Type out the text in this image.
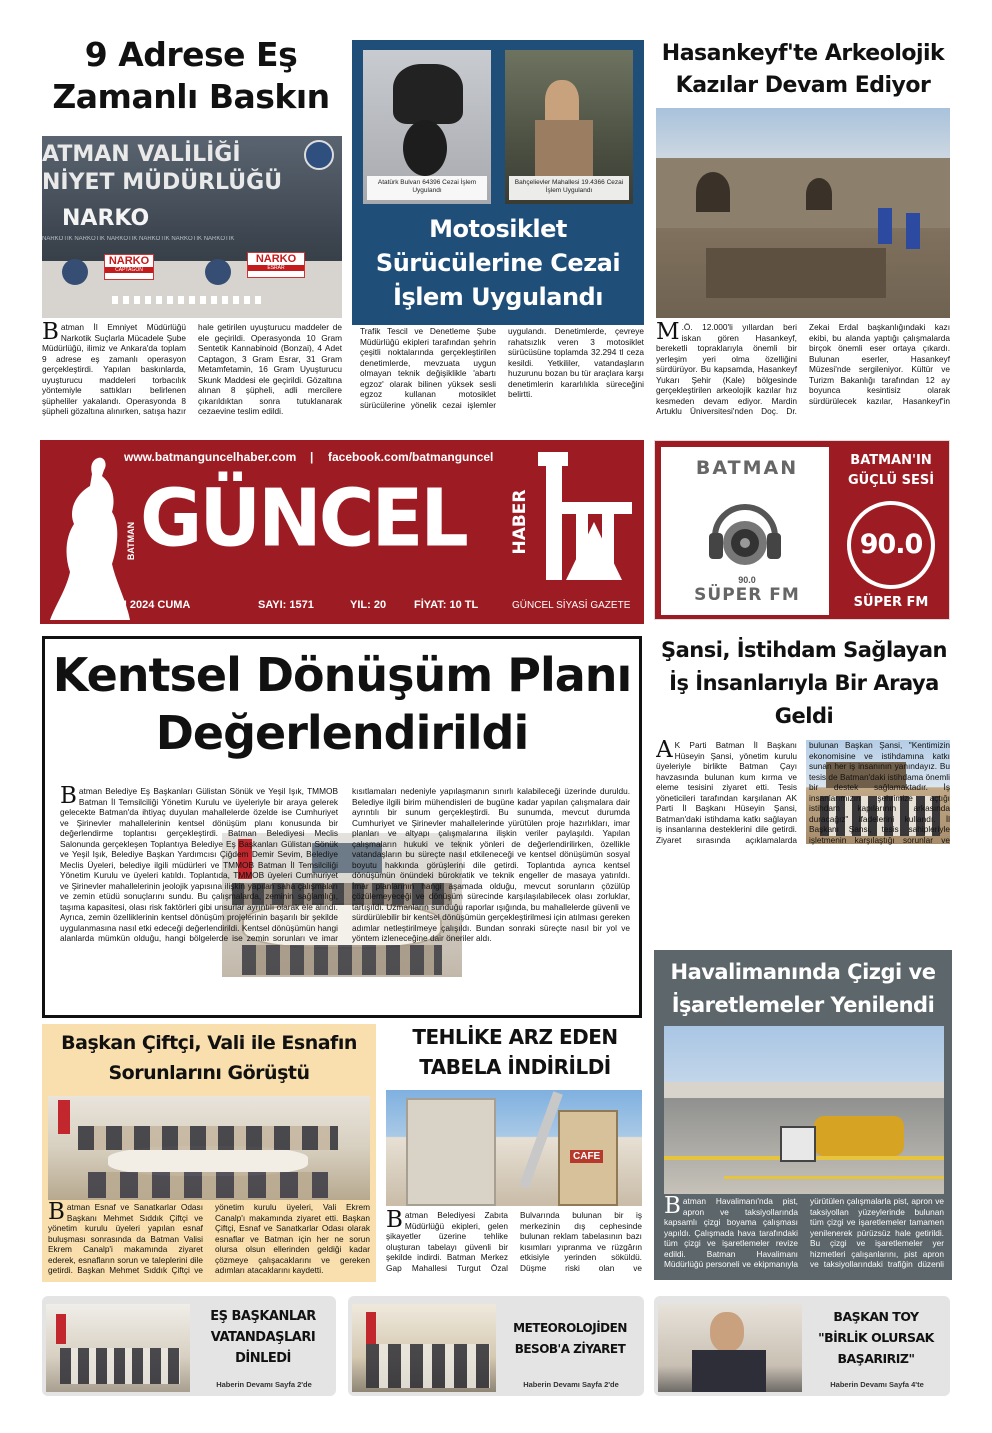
9 Adrese Eş Zamanlı Baskın
ATMAN VALİLİĞİ
NİYET MÜDÜRLÜĞÜ
NARKO
NARKOTİK NARKOTİK NARKOTİK NARKOTİK NARKOTİK NARKOTİK
NARKO
CAPTAGON
NARKO
ESRAR
Batman İl Emniyet Müdürlüğü Narkotik Suçlarla Mücadele Şube Müdürlüğü, ilimiz ve Ankara'da toplam 9 adrese eş zamanlı operasyon gerçekleştirdi. Yapılan baskınlarda, uyuşturucu maddeleri torbacılık yöntemiyle sattıkları belirlenen şüpheliler yakalandı. Operasyonda 8 şüpheli gözaltına alınırken, satışa hazır hale getirilen uyuşturucu maddeler de ele geçirildi. Operasyonda 10 Gram Sentetik Kannabinoid (Bonzai), 4 Adet Captagon, 3 Gram Esrar, 31 Gram Metamfetamin, 16 Gram Uyuşturucu Skunk Maddesi ele geçirildi. Gözaltına alınan 8 şüpheli, adli mercilere çıkarıldıktan sonra tutuklanarak cezaevine teslim edildi.
Atatürk Bulvarı 64396 Cezai İşlem Uygulandı
Bahçelievler Mahallesi 19.4366 Cezai İşlem Uygulandı
Motosiklet Sürücülerine Cezai İşlem Uygulandı
Trafik Tescil ve Denetleme Şube Müdürlüğü ekipleri tarafından şehrin çeşitli noktalarında gerçekleştirilen denetimlerde, mevzuata uygun olmayan teknik değişiklikle 'abartı egzoz' olarak bilinen yüksek sesli egzoz kullanan motosiklet sürücülerine yönelik cezai işlemler uygulandı. Denetimlerde, çevreye rahatsızlık veren 3 motosiklet sürücüsüne toplamda 32.294 tl ceza kesildi. Yetkililer, vatandaşların huzurunu bozan bu tür araçlara karşı denetimlerin kararlılıkla süreceğini belirtti.
Hasankeyf'te Arkeolojik Kazılar Devam Ediyor
M .Ö. 12.000'li yıllardan beri iskan gören Hasankeyf, bereketli topraklarıyla önemli bir yerleşim yeri olma özelliğini sürdürüyor. Bu kapsamda, Hasankeyf Yukarı Şehir (Kale) bölgesinde gerçekleştirilen arkeolojik kazılar hız kesmeden devam ediyor. Mardin Artuklu Üniversitesi'nden Doç. Dr. Zekai Erdal başkanlığındaki kazı ekibi, bu alanda yaptığı çalışmalarda birçok önemli eser ortaya çıkardı. Bulunan eserler, Hasankeyf Müzesi'nde sergileniyor. Kültür ve Turizm Bakanlığı tarafından 12 ay boyunca kesintisiz olarak sürdürülecek kazılar, Hasankeyf'in
www.batmanguncelhaber.com | facebook.com/batmanguncel
BATMAN GÜNCEL	HABER
04 EKİM 2024 CUMA	SAYI: 1571	YIL: 20	FİYAT: 10 TL	GÜNCEL SİYASİ GAZETE
BATMAN
90.0
SÜPER FM
BATMAN'IN GÜÇLÜ SESİ
90.0
SÜPER FM
Kentsel Dönüşüm Planı Değerlendirildi
Batman Belediye Eş Başkanları Gülistan Sönük ve Yeşil Işık, TMMOB Batman İl Temsilciliği Yönetim Kurulu ve üyeleriyle bir araya gelerek gelecekte Batman'da ihtiyaç duyulan mahallelerde özelde ise Cumhuriyet ve Şirinevler mahallelerinin kentsel dönüşüm planı konusunda bir değerlendirme toplantısı gerçekleştirdi. Batman Belediyesi Meclis Salonunda gerçekleşen Toplantıya Belediye Eş Başkanları Gülistan Sönük ve Yeşil Işık, Belediye Başkan Yardımcısı Çiğdem Demir Sevim, Belediye Meclis Üyeleri, belediye ilgili müdürleri ve TMMOB Batman İl Temsilciliği Yönetim Kurulu ve üyeleri katıldı. Toplantıda, TMMOB üyeleri Cumhuriyet ve Şirinevler mahallelerinin jeolojik yapısına ilişkin yapılan saha çalışmaları ve zemin etüdü sonuçlarını sundu. Bu çalışmalarda, zeminin sağlamlığı, taşıma kapasitesi, olası risk faktörleri gibi unsurlar ayrıntılı olarak ele alındı. Ayrıca, zemin özelliklerinin kentsel dönüşüm projelerinin başarılı bir şekilde uygulanmasına nasıl etki edeceği değerlendirildi. Kentsel dönüşümün hangi alanlarda mümkün olduğu, hangi bölgelerde ise zemin sorunları ve imar kısıtlamaları nedeniyle yapılaşmanın sınırlı kalabileceği üzerinde duruldu. Belediye ilgili birim mühendisleri de bugüne kadar yapılan çalışmalara dair ayrıntılı bir sunum gerçekleştirdi. Bu sunumda, mevcut durumda Cumhuriyet ve Şirinevler mahallelerinde yürütülen proje hazırlıkları, imar planları ve altyapı çalışmalarına ilişkin veriler paylaşıldı. Yapılan çalışmaların hukuki ve teknik yönleri de değerlendirilirken, özellikle vatandaşların bu süreçte nasıl etkileneceği ve kentsel dönüşümün sosyal boyutu hakkında görüşlerini dile getirdi. Toplantıda ayrıca kentsel dönüşümün önündeki bürokratik ve teknik engeller de masaya yatırıldı. İmar planlarının hangi aşamada olduğu, mevcut sorunların çözülüp çözülemeyeceği ve dönüşüm sürecinde karşılaşılabilecek olası zorluklar, tartışıldı. Uzmanların sunduğu raporlar ışığında, bu mahallelerde güvenli ve sürdürülebilir bir kentsel dönüşümün gerçekleştirilmesi için atılması gereken adımlar netleştirilmeye çalışıldı. Bundan sonraki süreçte nasıl bir yol ve yöntem izleneceğine dair öneriler aldı.
Şansi, İstihdam Sağlayan İş İnsanlarıyla Bir Araya Geldi
A K Parti Batman İl Başkanı Hüseyin Şansi, yönetim kurulu üyeleriyle birlikte Batman Çayı havzasında bulunan kum kırma ve eleme tesisini ziyaret etti. Tesis yöneticileri tarafından karşılanan AK Parti İl Başkanı Hüseyin Şansi, Batman'daki istihdama katkı sağlayan iş insanlarına desteklerini dile getirdi. Ziyaret sırasında açıklamalarda bulunan Başkan Şansi, "Kentimizin ekonomisine ve istihdamına katkı sunan her iş insanının yanındayız. Bu tesis de Batman'daki istihdama önemli bir destek sağlamaktadır. İş insanlarımızın şehrimize açtığı istihdam kapılarının arkasında duracağız" ifadelerini kullandı. İl Başkanı Şansi, tesis sahipleriyle işletmenin karşılaştığı sorunlar ve
Havalimanında Çizgi ve İşaretlemeler Yenilendi
Batman Havalimanı'nda pist, apron ve taksiyollarında kapsamlı çizgi boyama çalışması yapıldı. Çalışmada hava tarafındaki tüm çizgi ve işaretlemeler revize edildi. Batman Havalimanı Müdürlüğü personeli ve ekipmanıyla yürütülen çalışmalarla pist, apron ve taksiyollan yüzeylerinde bulunan tüm çizgi ve işaretlemeler tamamen yenilenerek pürüzsüz hale getirildi. Bu çizgi ve işaretlemeler yer hizmetleri çalışanlarını, pist apron ve taksiyollarındaki trafiğin düzenli
Başkan Çiftçi, Vali ile Esnafın Sorunlarını Görüştü
Batman Esnaf ve Sanatkarlar Odası Başkanı Mehmet Sıddık Çiftçi ve yönetim kurulu üyeleri yapılan esnaf buluşması sonrasında da Batman Valisi Ekrem Canalp'i makamında ziyaret ederek, esnafların sorun ve taleplerini dile getirdi. Başkan Mehmet Sıddık Çiftçi ve yönetim kurulu üyeleri, Vali Ekrem Canalp'ı makamında ziyaret etti. Başkan Çiftçi, Esnaf ve Sanatkarlar Odası olarak esnaflar ve Batman için her ne sorun olursa olsun ellerinden geldiği kadar çözmeye çalışacaklarını ve gereken adımları atacaklarını kaydetti.
TEHLİKE ARZ EDEN TABELA İNDİRİLDİ
CAFE
Batman Belediyesi Zabıta Müdürlüğü ekipleri, gelen şikayetler üzerine tehlike oluşturan tabelayı güvenli bir şekilde indirdi. Batman Merkez Gap Mahallesi Turgut Özal Bulvarında bulunan bir iş merkezinin dış cephesinde bulunan reklam tabelasının bazı kısımları yıpranma ve rüzgârın etkisiyle yerinden söküldü. Düşme riski olan ve
EŞ BAŞKANLAR VATANDAŞLARI DİNLEDİ
Haberin Devamı Sayfa 2'de
METEOROLOJİDEN BESOB'A ZİYARET
Haberin Devamı Sayfa 2'de
BAŞKAN TOY "BİRLİK OLURSAK BAŞARIRIZ"
Haberin Devamı Sayfa 4'te
